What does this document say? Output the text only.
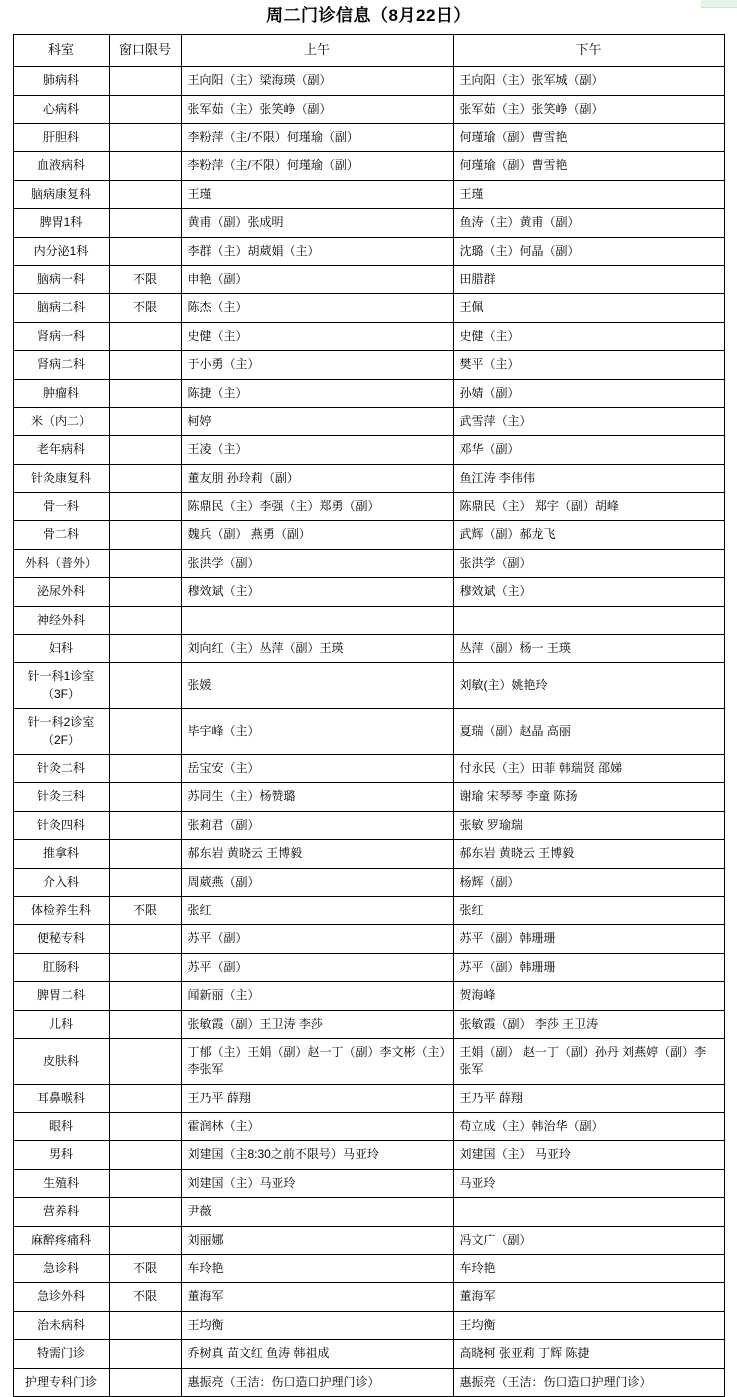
周二门诊信息（8月22日）
科室	窗口限号	上午	下午
肺病科		王向阳（主）梁海瑛（副）	王向阳（主）张军城（副）
心病科		张军茹（主）张笑峥（副）	张军茹（主）张笑峥（副）
肝胆科		李粉萍（主/不限）何瑾瑜（副）	何瑾瑜（副）曹雪艳
血液病科		李粉萍（主/不限）何瑾瑜（副）	何瑾瑜（副）曹雪艳
脑病康复科		王瑾	王瑾
脾胃1科		黄甫（副）张成明	鱼涛（主）黄甫（副）
内分泌1科		李群（主）胡葳娟（主）	沈璐（主）何晶（副）
脑病一科	不限	申艳（副）	田腊群
脑病二科	不限	陈杰（主）	王佩
肾病一科		史健（主）	史健（主）
肾病二科		于小勇（主）	樊平（主）
肿瘤科		陈捷（主）	孙婧（副）
米（内二）		柯婷	武雪萍（主）
老年病科		王凌（主）	邓华（副）
针灸康复科		董友朋 孙玲莉（副）	鱼江涛 李伟伟
骨一科		陈鼎民（主）李强（主）郑勇（副）	陈鼎民（主） 郑宇（副）胡峰
骨二科		魏兵（副） 燕勇（副）	武辉（副）郝龙飞
外科（普外）		张洪学（副）	张洪学（副）
泌尿外科		穆效斌（主）	穆效斌（主）
神经外科			
妇科		刘向红（主）丛萍（副）王瑛	丛萍（副）杨一 王瑛
针一科1诊室（3F）		张媛	刘敏(主）姚艳玲
针一科2诊室（2F）		毕宇峰（主）	夏瑞（副）赵晶 高丽
针灸二科		岳宝安（主）	付永民（主）田菲 韩瑞贤 邵娣
针灸三科		苏同生（主）杨赞璐	谢瑜 宋琴琴 李童 陈扬
针灸四科		张莉君（副）	张敏 罗瑜瑞
推拿科		郝东岩 黄晓云 王博毅	郝东岩 黄晓云 王博毅
介入科		周葳燕（副）	杨辉（副）
体检养生科	不限	张红	张红
便秘专科		苏平（副）	苏平（副）韩珊珊
肛肠科		苏平（副）	苏平（副）韩珊珊
脾胃二科		闻新丽（主）	贺海峰
儿科		张敏霞（副）王卫涛 李莎	张敏霞（副） 李莎 王卫涛
皮肤科		丁郁（主）王娟（副）赵一丁（副）李文彬（主）李张军	王娟（副） 赵一丁（副）孙丹 刘燕婷（副）李张军
耳鼻喉科		王乃平 薛翔	王乃平 薛翔
眼科		霍润林（主）	苟立成（主）韩治华（副）
男科		刘建国（主8:30之前不限号）马亚玲	刘建国（主） 马亚玲
生殖科		刘建国（主）马亚玲	马亚玲
营养科		尹薇	
麻醉疼痛科		刘丽娜	冯文广（副）
急诊科	不限	车玲艳	车玲艳
急诊外科	不限	董海军	董海军
治未病科		王均衡	王均衡
特需门诊		乔树真 苗文红 鱼涛 韩祖成	高晓柯 张亚莉 丁辉 陈捷
护理专科门诊		惠振亮（王洁：伤口造口护理门诊）	惠振亮（王洁：伤口造口护理门诊）
